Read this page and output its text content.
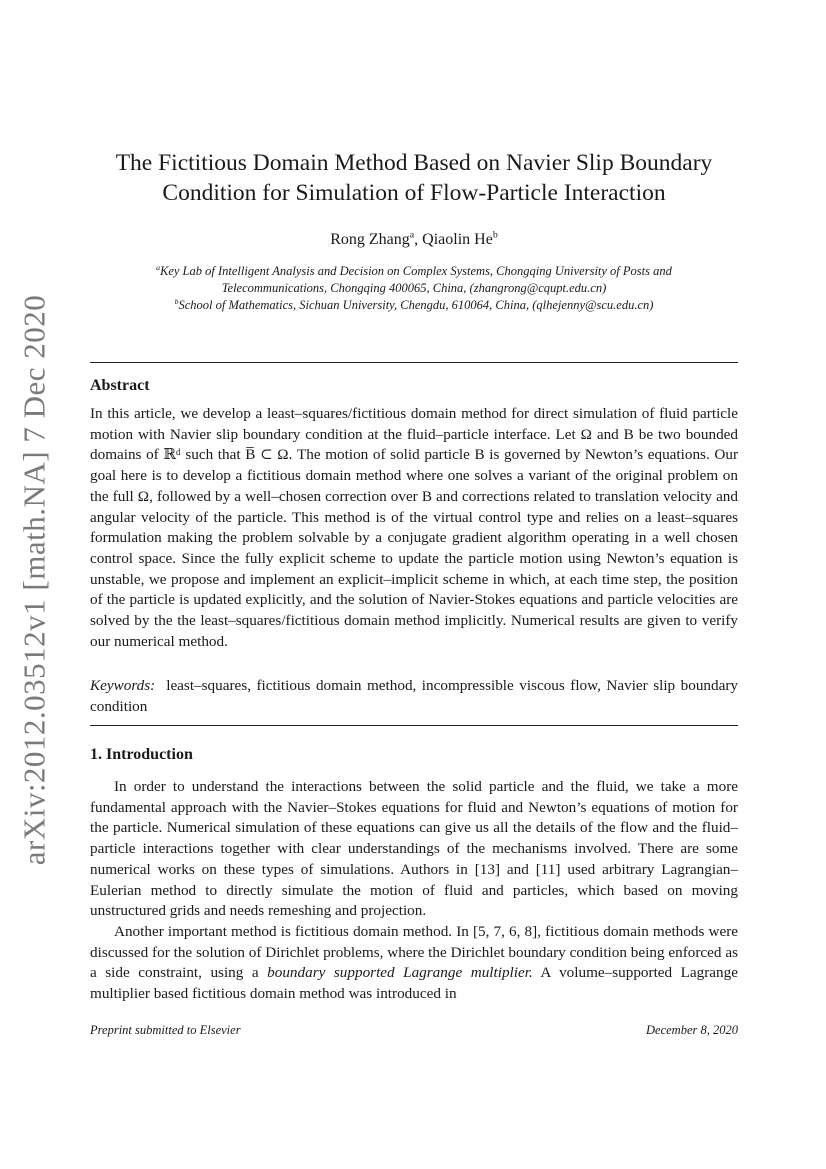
arXiv:2012.03512v1 [math.NA] 7 Dec 2020
The Fictitious Domain Method Based on Navier Slip Boundary
Condition for Simulation of Flow-Particle Interaction
Rong Zhang$^a$, Qiaolin He$^b$
$^a$Key Lab of Intelligent Analysis and Decision on Complex Systems, Chongqing University of Posts and
Telecommunications, Chongqing 400065, China, (zhangrong@cqupt.edu.cn)
$^b$School of Mathematics, Sichuan University, Chengdu, 610064, China, (qlhejenny@scu.edu.cn)
Abstract
In this article, we develop a least–squares/fictitious domain method for direct simulation of fluid particle motion with Navier slip boundary condition at the fluid–particle interface. Let Ω and B be two bounded domains of ℝᵈ such that B̅ ⊂ Ω. The motion of solid particle B is governed by Newton’s equations. Our goal here is to develop a fictitious domain method where one solves a variant of the original problem on the full Ω, followed by a well–chosen correction over B and corrections related to translation velocity and angular velocity of the particle. This method is of the virtual control type and relies on a least–squares formulation making the problem solvable by a conjugate gradient algorithm operating in a well chosen control space. Since the fully explicit scheme to update the particle motion using Newton’s equation is unstable, we propose and implement an explicit–implicit scheme in which, at each time step, the position of the particle is updated explicitly, and the solution of Navier-Stokes equations and particle velocities are solved by the the least–squares/fictitious domain method implicitly. Numerical results are given to verify our numerical method.
Keywords: least–squares, fictitious domain method, incompressible viscous flow, Navier slip boundary condition
1. Introduction

In order to understand the interactions between the solid particle and the fluid, we take a more fundamental approach with the Navier–Stokes equations for fluid and Newton’s equations of motion for the particle. Numerical simulation of these equations can give us all the details of the flow and the fluid–particle interactions together with clear understandings of the mechanisms involved. There are some numerical works on these types of simulations. Authors in [13] and [11] used arbitrary Lagrangian–Eulerian method to directly simulate the motion of fluid and particles, which based on moving unstructured grids and needs remeshing and projection.

Another important method is fictitious domain method. In [5, 7, 6, 8], fictitious domain methods were discussed for the solution of Dirichlet problems, where the Dirichlet boundary condition being enforced as a side constraint, using a boundary supported Lagrange multiplier. A volume–supported Lagrange multiplier based fictitious domain method was introduced in

Preprint submitted to Elsevier	December 8, 2020
